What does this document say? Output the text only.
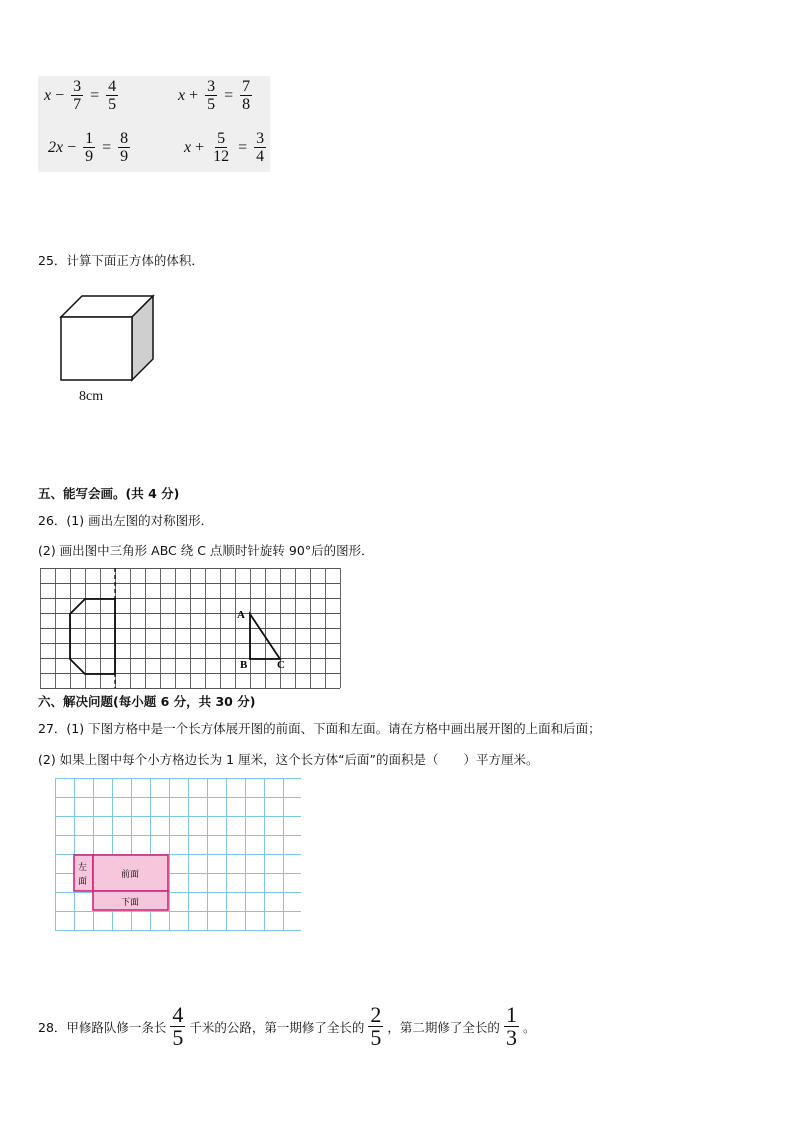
$x - \frac{3}{7} = \frac{4}{5}$	$x + \frac{3}{5} = \frac{7}{8}$
$2x - \frac{1}{9} = \frac{8}{9}$	$x + \frac{5}{12} = \frac{3}{4}$
25．计算下面正方体的体积．
8cm
五、能写会画。(共 4 分)
26．(1) 画出左图的对称图形．
(2) 画出图中三角形 ABC 绕 C 点顺时针旋转 90°后的图形．
A
B	C
六、解决问题(每小题 6 分，共 30 分)
27．(1) 下图方格中是一个长方体展开图的前面、下面和左面。请在方格中画出展开图的上面和后面；
(2) 如果上图中每个小方格边长为 1 厘米，这个长方体“后面”的面积是（　　）平方厘米。
左
面
前面
下面
28．甲修路队修一条长 $\frac{4}{5}$ 千米的公路，第一期修了全长的 $\frac{2}{5}$ ，第二期修了全长的 $\frac{1}{3}$ 。
